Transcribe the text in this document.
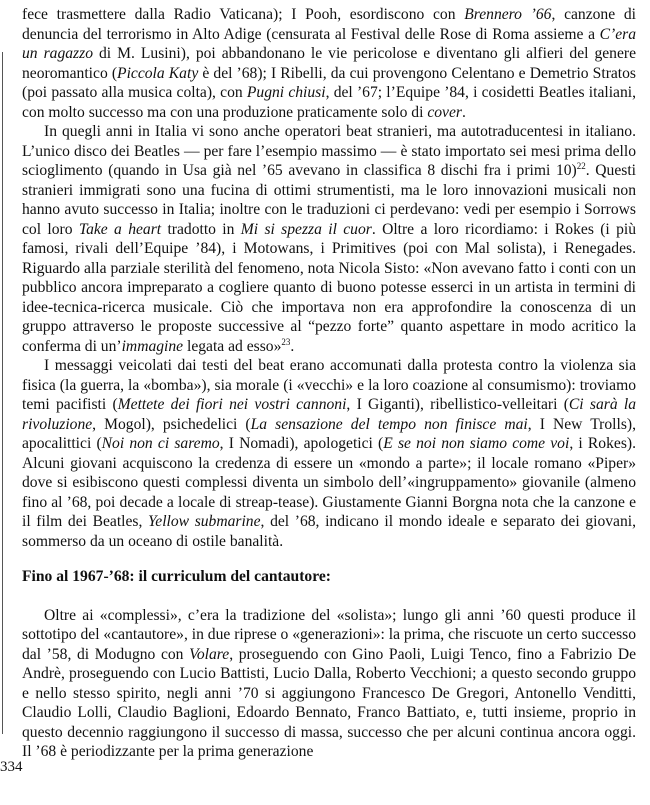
fece trasmettere dalla Radio Vaticana); I Pooh, esordiscono con Brennero ’66, canzone di denuncia del terrorismo in Alto Adige (censurata al Festival delle Rose di Roma assieme a C’era un ragazzo di M. Lusini), poi abbandonano le vie pericolose e diventano gli alfieri del genere neoromantico (Piccola Katy è del ’68); I Ribelli, da cui provengono Celentano e Demetrio Stratos (poi passato alla musica colta), con Pugni chiusi, del ’67; l’Equipe ’84, i cosidetti Beatles italiani, con molto successo ma con una produzione praticamente solo di cover.

In quegli anni in Italia vi sono anche operatori beat stranieri, ma autotraducentesi in italiano. L’unico disco dei Beatles — per fare l’esempio massimo — è stato importato sei mesi prima dello scioglimento (quando in Usa già nel ’65 avevano in classifica 8 dischi fra i primi 10)$^{22}$. Questi stranieri immigrati sono una fucina di ottimi strumentisti, ma le loro innovazioni musicali non hanno avuto successo in Italia; inoltre con le traduzioni ci perdevano: vedi per esempio i Sorrows col loro Take a heart tradotto in Mi si spezza il cuor. Oltre a loro ricordiamo: i Rokes (i più famosi, rivali dell’Equipe ’84), i Motowans, i Primitives (poi con Mal solista), i Renegades. Riguardo alla parziale sterilità del fenomeno, nota Nicola Sisto: «Non avevano fatto i conti con un pubblico ancora impreparato a cogliere quanto di buono potesse esserci in un artista in termini di idee-tecnica-ricerca musicale. Ciò che importava non era approfondire la conoscenza di un gruppo attraverso le proposte successive al “pezzo forte” quanto aspettare in modo acritico la conferma di un’immagine legata ad esso»$^{23}$.

I messaggi veicolati dai testi del beat erano accomunati dalla protesta contro la violenza sia fisica (la guerra, la «bomba»), sia morale (i «vecchi» e la loro coazione al consumismo): troviamo temi pacifisti (Mettete dei fiori nei vostri cannoni, I Giganti), ribellistico-velleitari (Ci sarà la rivoluzione, Mogol), psichedelici (La sensazione del tempo non finisce mai, I New Trolls), apocalittici (Noi non ci saremo, I Nomadi), apologetici (E se noi non siamo come voi, i Rokes). Alcuni giovani acquiscono la credenza di essere un «mondo a parte»; il locale romano «Piper» dove si esibiscono questi complessi diventa un simbolo dell’«ingruppamento» giovanile (almeno fino al ’68, poi decade a locale di streap-tease). Giustamente Gianni Borgna nota che la canzone e il film dei Beatles, Yellow submarine, del ’68, indicano il mondo ideale e separato dei giovani, sommerso da un oceano di ostile banalità.

Fino al 1967-’68: il curriculum del cantautore:

Oltre ai «complessi», c’era la tradizione del «solista»; lungo gli anni ’60 questi produce il sottotipo del «cantautore», in due riprese o «generazioni»: la prima, che riscuote un certo successo dal ’58, di Modugno con Volare, proseguendo con Gino Paoli, Luigi Tenco, fino a Fabrizio De Andrè, proseguendo con Lucio Battisti, Lucio Dalla, Roberto Vecchioni; a questo secondo gruppo e nello stesso spirito, negli anni ’70 si aggiungono Francesco De Gregori, Antonello Venditti, Claudio Lolli, Claudio Baglioni, Edoardo Bennato, Franco Battiato, e, tutti insieme, proprio in questo decennio raggiungono il successo di massa, successo che per alcuni continua ancora oggi. Il ’68 è periodizzante per la prima generazione

334
